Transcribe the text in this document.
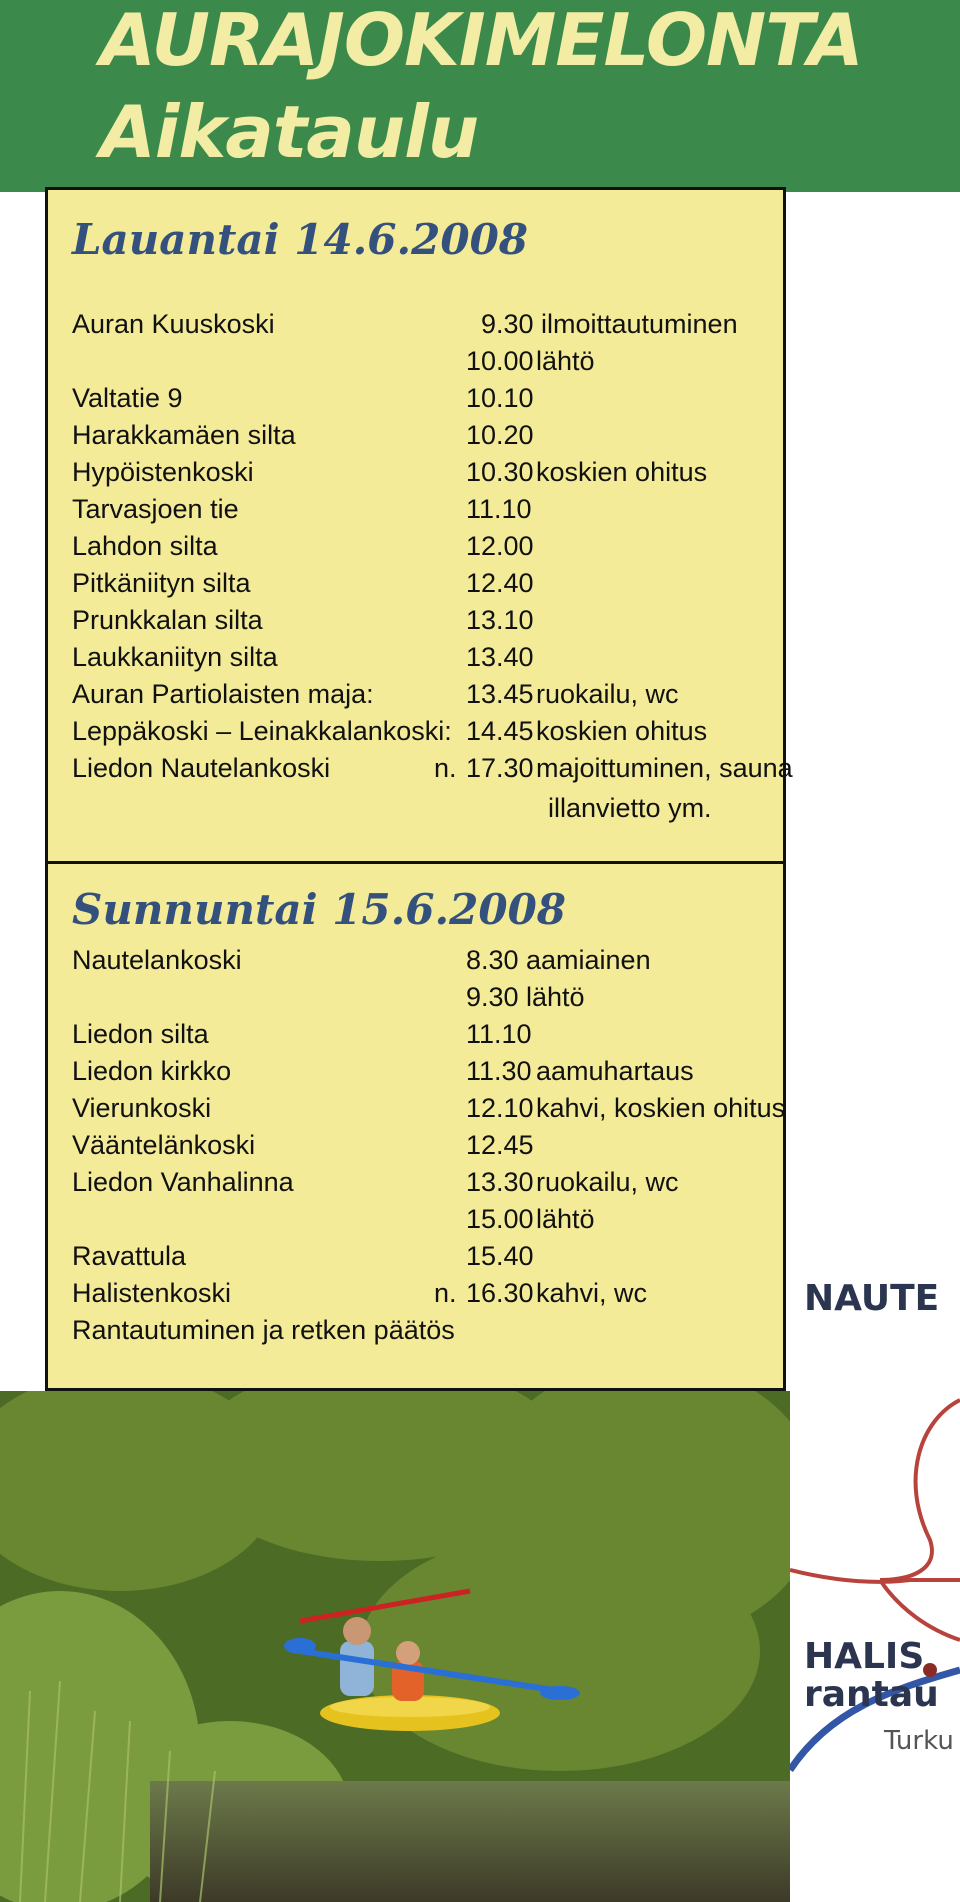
AURAJOKIMELONTA
Aikataulu
Lauantai 14.6.2008
Auran Kuuskoski	9.30 ilmoittautuminen
10.00 lähtö
Valtatie 9	10.10
Harakkamäen silta	10.20
Hypöistenkoski	10.30 koskien ohitus
Tarvasjoen tie	11.10
Lahdon silta	12.00
Pitkäniityn silta	12.40
Prunkkalan silta	13.10
Laukkaniityn silta	13.40
Auran Partiolaisten maja:	13.45 ruokailu, wc
Leppäkoski – Leinakkalankoski: 14.45 koskien ohitus
Liedon Nautelankoski	n. 17.30 majoittuminen, sauna
illanvietto ym.
Sunnuntai 15.6.2008
Nautelankoski	8.30 aamiainen
9.30 lähtö
Liedon silta	11.10
Liedon kirkko	11.30 aamuhartaus
Vierunkoski	12.10 kahvi, koskien ohitus
Vääntelänkoski	12.45
Liedon Vanhalinna	13.30 ruokailu, wc
15.00 lähtö
Ravattula	15.40
Halistenkoski	n. 16.30 kahvi, wc
Rantautuminen ja retken päätös
NAUTE
HALIS
rantau
Turku
